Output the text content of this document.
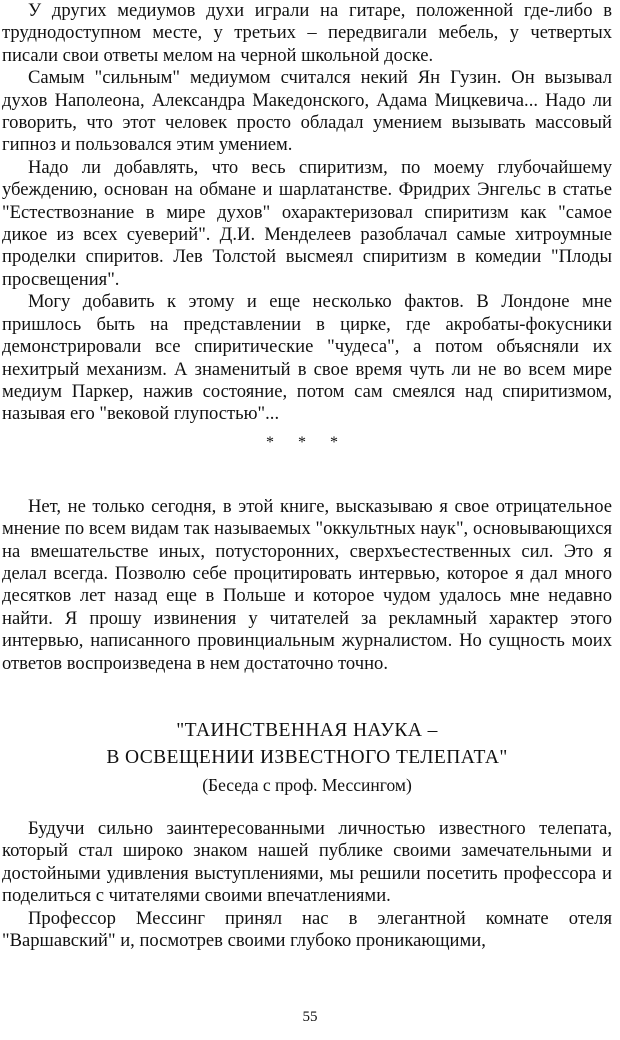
У других медиумов духи играли на гитаре, положенной где-либо в труднодоступном месте, у третьих – передвигали мебель, у четвертых писали свои ответы мелом на черной школьной доске.

Самым "сильным" медиумом считался некий Ян Гузин. Он вызывал духов Наполеона, Александра Македонского, Адама Мицкевича... Надо ли говорить, что этот человек просто обладал умением вызывать массовый гипноз и пользовался этим умением.

Надо ли добавлять, что весь спиритизм, по моему глубочайшему убеждению, основан на обмане и шарлатанстве. Фридрих Энгельс в статье "Естествознание в мире духов" охарактеризовал спиритизм как "самое дикое из всех суеверий". Д.И. Менделеев разоблачал самые хитроумные проделки спиритов. Лев Толстой высмеял спиритизм в комедии "Плоды просвещения".

Могу добавить к этому и еще несколько фактов. В Лондоне мне пришлось быть на представлении в цирке, где акробаты-фокусники демонстрировали все спиритические "чудеса", а потом объясняли их нехитрый механизм. А знаменитый в свое время чуть ли не во всем мире медиум Паркер, нажив состояние, потом сам смеялся над спиритизмом, называя его "вековой глупостью"...

* * *

Нет, не только сегодня, в этой книге, высказываю я свое отрицательное мнение по всем видам так называемых "оккультных наук", основывающихся на вмешательстве иных, потусторонних, сверхъестественных сил. Это я делал всегда. Позволю себе процитировать интервью, которое я дал много десятков лет назад еще в Польше и которое чудом удалось мне недавно найти. Я прошу извинения у читателей за рекламный характер этого интервью, написанного провинциальным журналистом. Но сущность моих ответов воспроизведена в нем достаточно точно.

"ТАИНСТВЕННАЯ НАУКА –
В ОСВЕЩЕНИИ ИЗВЕСТНОГО ТЕЛЕПАТА"
(Беседа с проф. Мессингом)

Будучи сильно заинтересованными личностью известного телепата, который стал широко знаком нашей публике своими замечательными и достойными удивления выступлениями, мы решили посетить профессора и поделиться с читателями своими впечатлениями.

Профессор Мессинг принял нас в элегантной комнате отеля "Варшавский" и, посмотрев своими глубоко проникающими,

55
